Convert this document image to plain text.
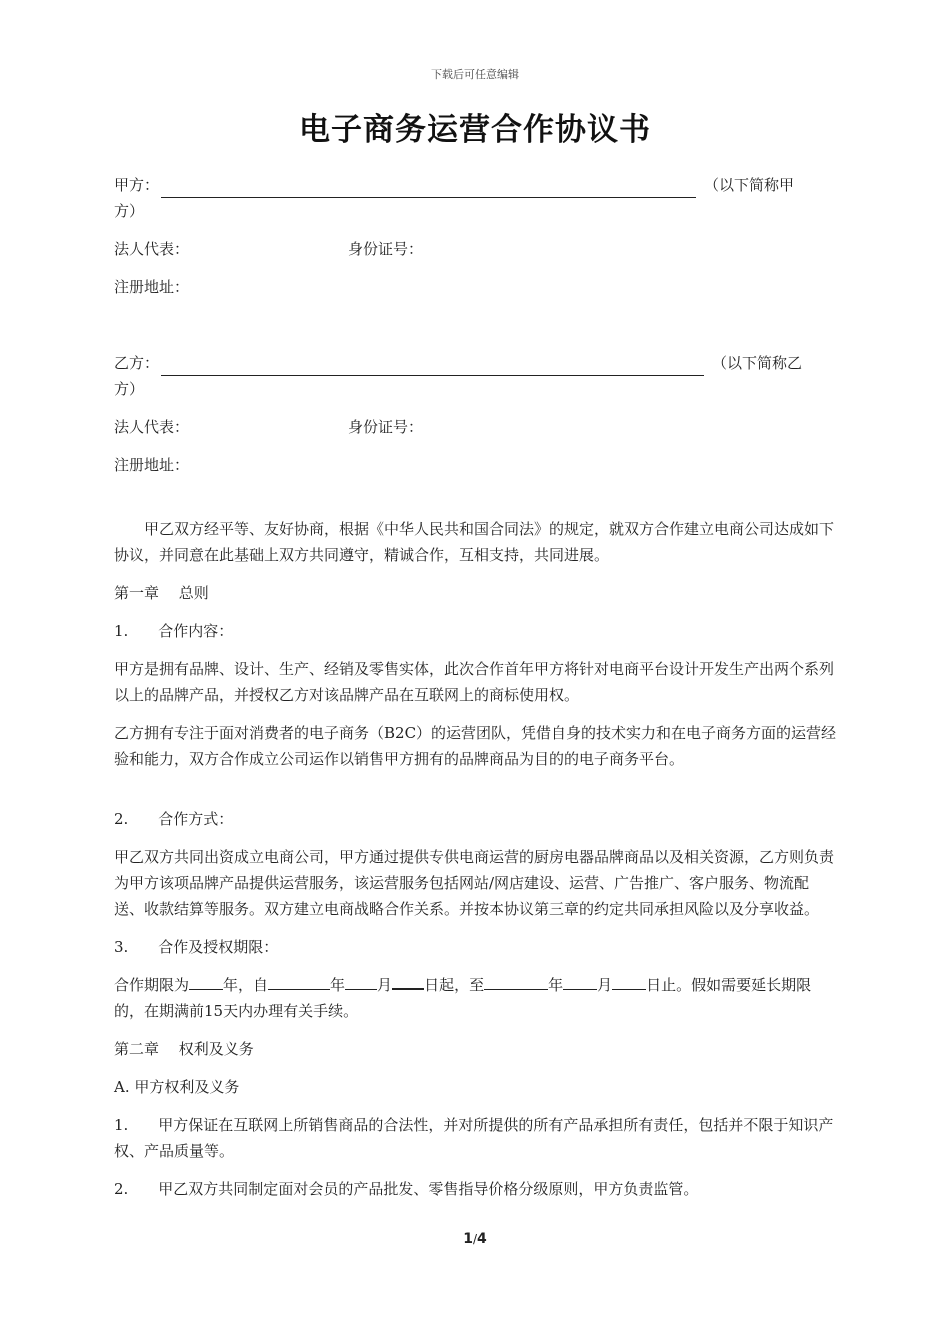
下载后可任意编辑
电子商务运营合作协议书
甲方：	（以下简称甲

方）

法人代表：	身份证号：

注册地址：

乙方：	（以下简称乙

方）

法人代表：	身份证号：

注册地址：

甲乙双方经平等、友好协商，根据《中华人民共和国合同法》的规定，就双方合作建立电商公司达成如下协议，并同意在此基础上双方共同遵守，精诚合作，互相支持，共同进展。

第一章　 总则

1.　　合作内容：

甲方是拥有品牌、设计、生产、经销及零售实体，此次合作首年甲方将针对电商平台设计开发生产出两个系列以上的品牌产品，并授权乙方对该品牌产品在互联网上的商标使用权。

乙方拥有专注于面对消费者的电子商务（B2C）的运营团队，凭借自身的技术实力和在电子商务方面的运营经验和能力，双方合作成立公司运作以销售甲方拥有的品牌商品为目的的电子商务平台。

2.　　合作方式：

甲乙双方共同出资成立电商公司，甲方通过提供专供电商运营的厨房电器品牌商品以及相关资源，乙方则负责为甲方该项品牌产品提供运营服务，该运营服务包括网站/网店建设、运营、广告推广、客户服务、物流配送、收款结算等服务。双方建立电商战略合作关系。并按本协议第三章的约定共同承担风险以及分享收益。

3.　　合作及授权期限：

合作期限为 年，自	年 月 日起，至	年 月 日止。假如需要延长期限的，在期满前15天内办理有关手续。

第二章　 权利及义务

A. 甲方权利及义务

1.　　甲方保证在互联网上所销售商品的合法性，并对所提供的所有产品承担所有责任，包括并不限于知识产权、产品质量等。

2.　　甲乙双方共同制定面对会员的产品批发、零售指导价格分级原则，甲方负责监管。

1/4
